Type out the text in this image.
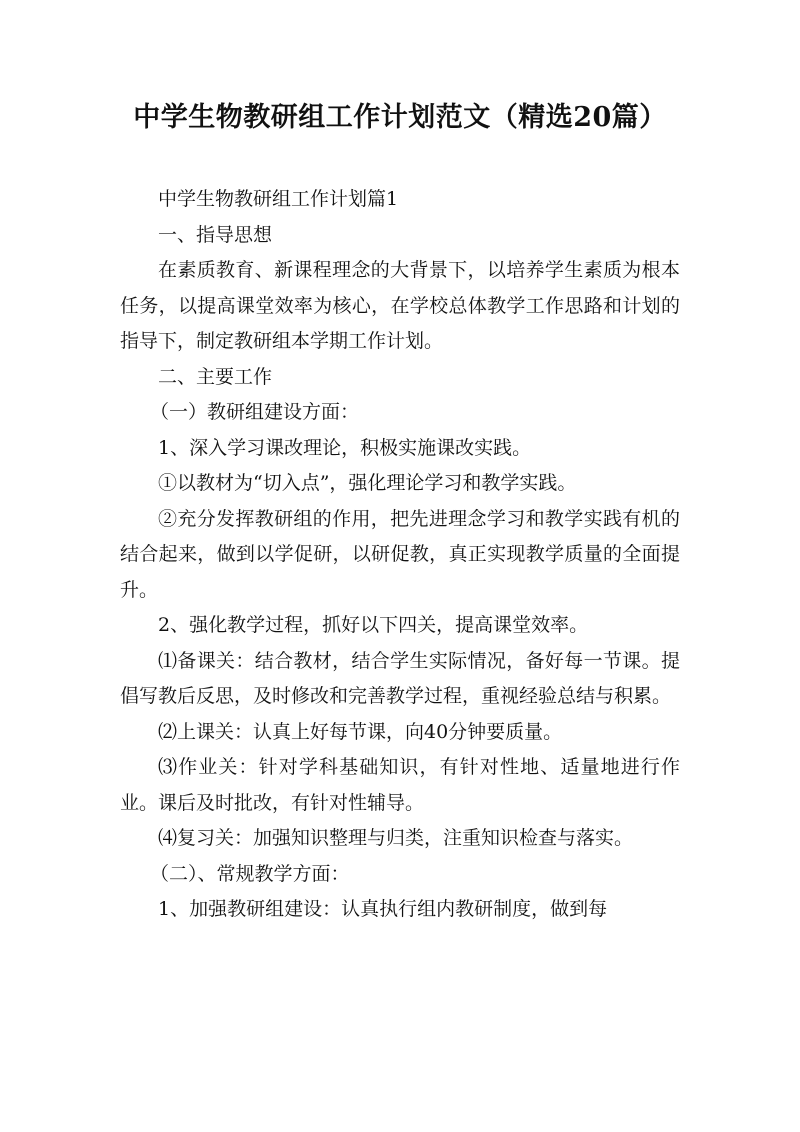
中学生物教研组工作计划范文（精选20篇）

中学生物教研组工作计划篇1

一、指导思想

在素质教育、新课程理念的大背景下，以培养学生素质为根本任务，以提高课堂效率为核心，在学校总体教学工作思路和计划的指导下，制定教研组本学期工作计划。

二、主要工作

（一）教研组建设方面：

1、深入学习课改理论，积极实施课改实践。

①以教材为“切入点”，强化理论学习和教学实践。

②充分发挥教研组的作用，把先进理念学习和教学实践有机的结合起来，做到以学促研，以研促教，真正实现教学质量的全面提升。

2、强化教学过程，抓好以下四关，提高课堂效率。

⑴备课关：结合教材，结合学生实际情况，备好每一节课。提倡写教后反思，及时修改和完善教学过程，重视经验总结与积累。

⑵上课关：认真上好每节课，向40分钟要质量。

⑶作业关：针对学科基础知识，有针对性地、适量地进行作业。课后及时批改，有针对性辅导。

⑷复习关：加强知识整理与归类，注重知识检查与落实。

（二）、常规教学方面：

1、加强教研组建设：认真执行组内教研制度，做到每
